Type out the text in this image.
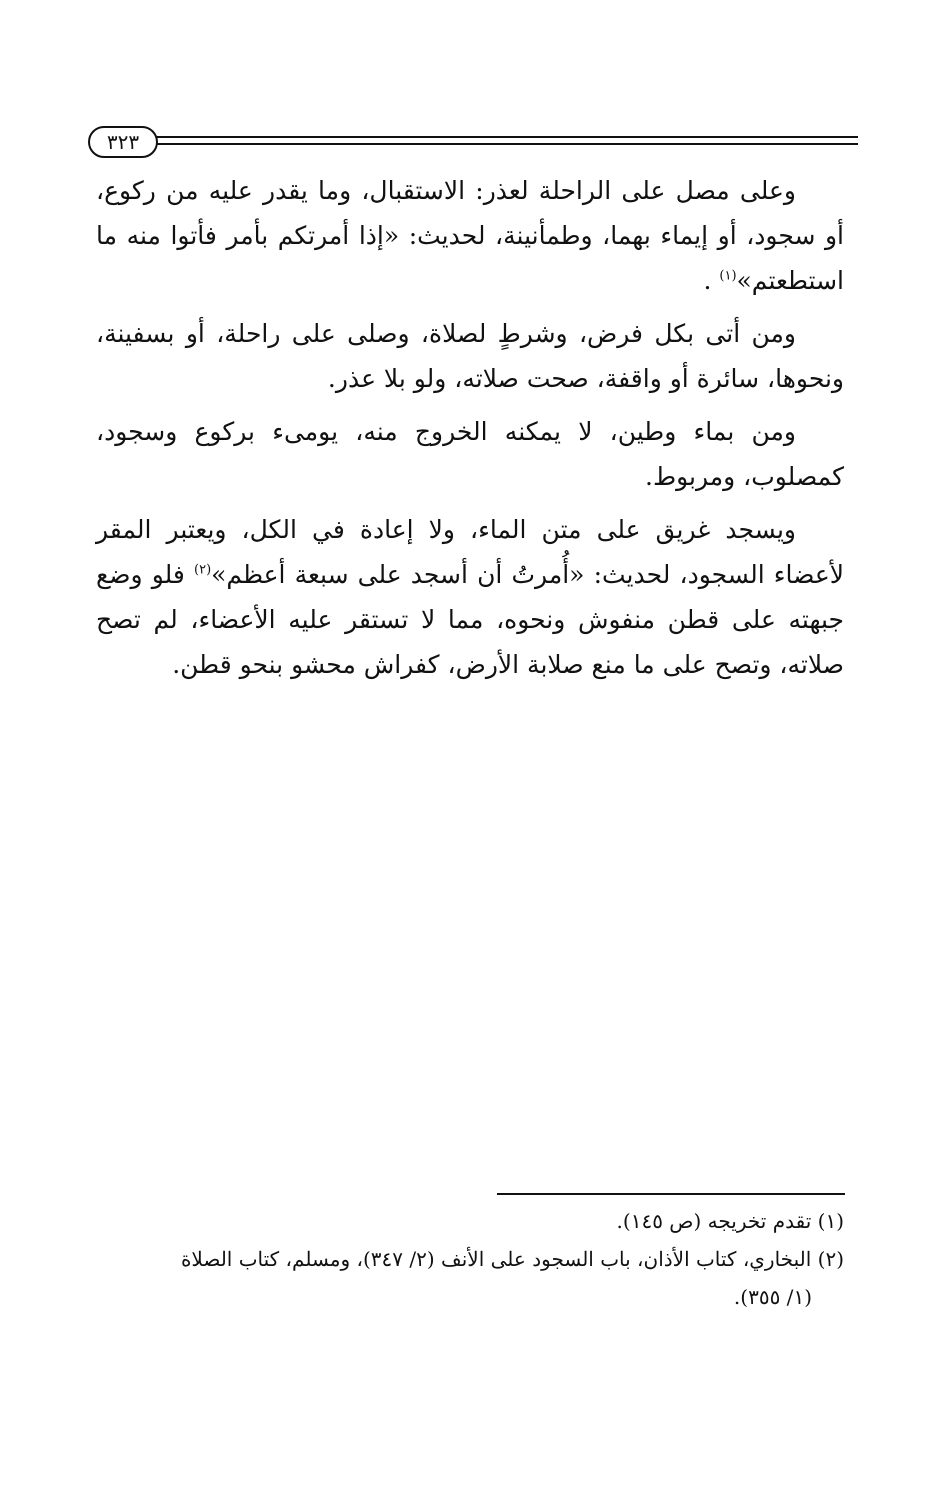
٣٢٣

وعلى مصل على الراحلة لعذر: الاستقبال، وما يقدر عليه من ركوع، أو سجود، أو إيماء بهما، وطمأنينة، لحديث: «إذا أمرتكم بأمر فأتوا منه ما استطعتم»$^{(١)}$ .

ومن أتى بكل فرض، وشرطٍ لصلاة، وصلى على راحلة، أو بسفينة، ونحوها، سائرة أو واقفة، صحت صلاته، ولو بلا عذر.

ومن بماء وطين، لا يمكنه الخروج منه، يومىء بركوع وسجود، كمصلوب، ومربوط.

ويسجد غريق على متن الماء، ولا إعادة في الكل، ويعتبر المقر لأعضاء السجود، لحديث: «أُمرتُ أن أسجد على سبعة أعظم»$^{(٢)}$ فلو وضع جبهته على قطن منفوش ونحوه، مما لا تستقر عليه الأعضاء، لم تصح صلاته، وتصح على ما منع صلابة الأرض، كفراش محشو بنحو قطن.

(١) تقدم تخريجه (ص ١٤٥).
(٢) البخاري، كتاب الأذان، باب السجود على الأنف (٢/ ٣٤٧)، ومسلم، كتاب الصلاة
(١/ ٣٥٥).
